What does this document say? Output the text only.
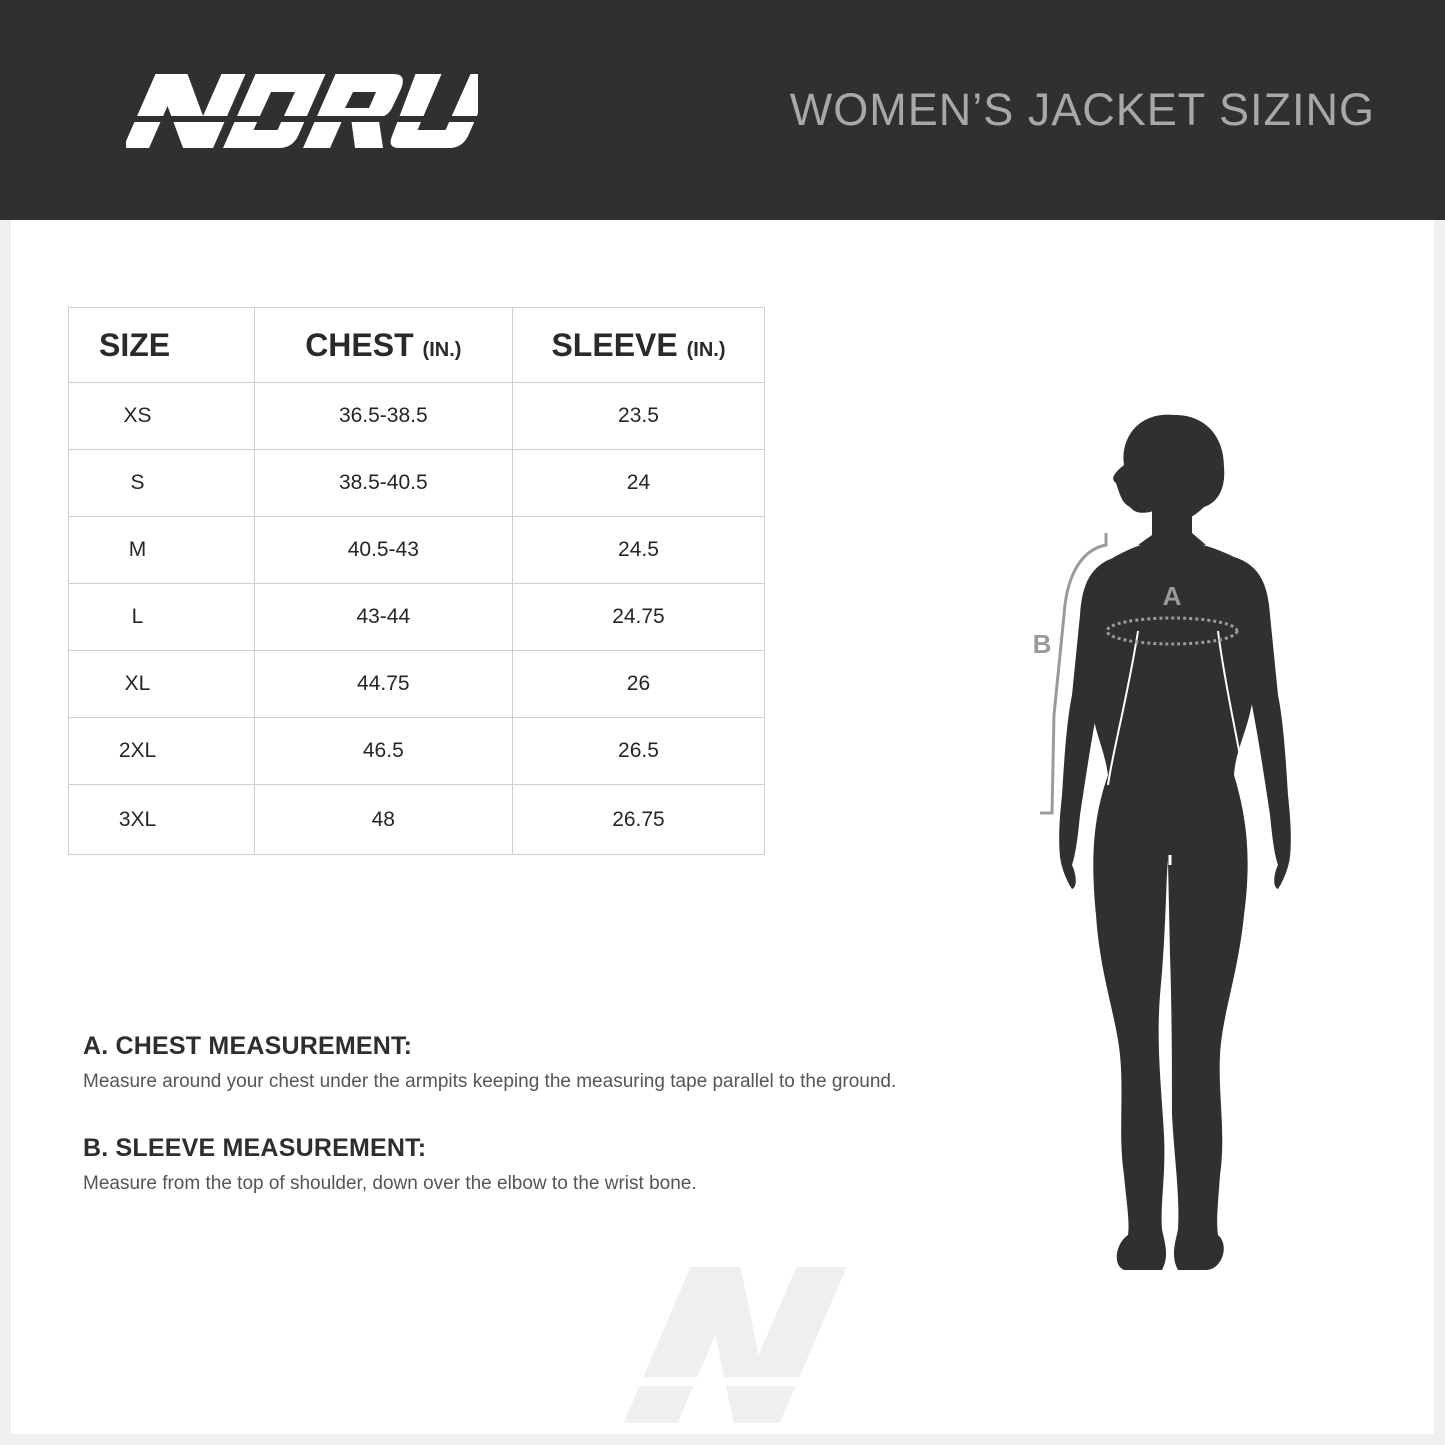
WOMEN’S JACKET SIZING
SIZE	CHEST (IN.)	SLEEVE (IN.)

XS	36.5-38.5	23.5

S	38.5-40.5	24

M	40.5-43	24.5

L	43-44	24.75

XL	44.75	26

2XL	46.5	26.5

3XL	48	26.75
A. CHEST MEASUREMENT:
Measure around your chest under the armpits keeping the measuring tape parallel to the ground.
B. SLEEVE MEASUREMENT:
Measure from the top of shoulder, down over the elbow to the wrist bone.
A
B
